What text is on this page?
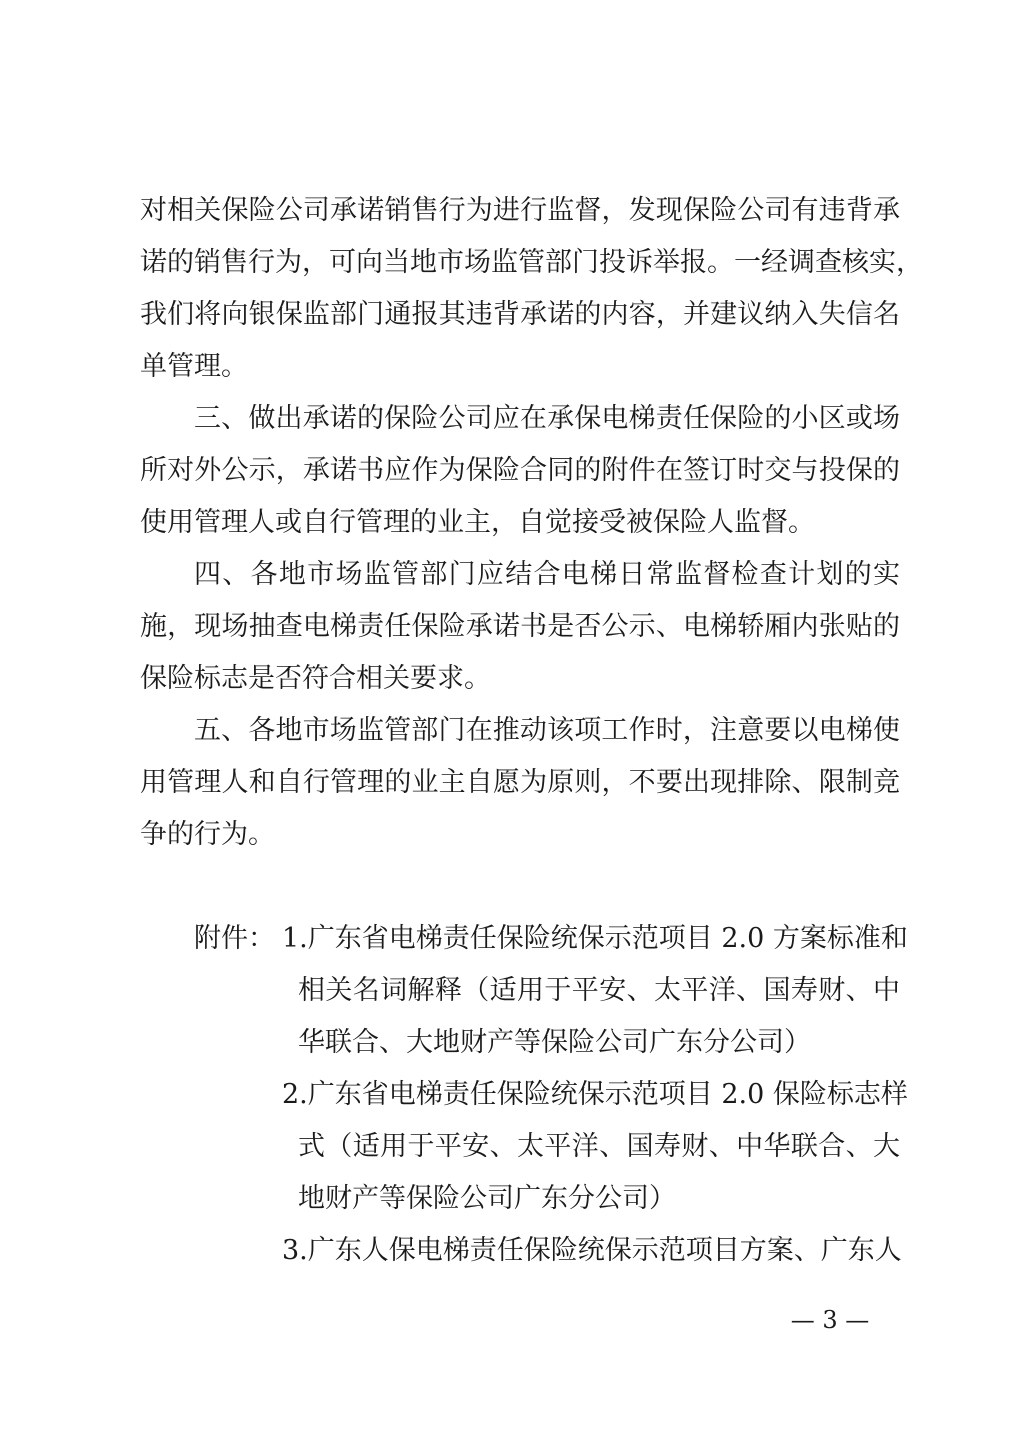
对相关保险公司承诺销售行为进行监督，发现保险公司有违背承
诺的销售行为，可向当地市场监管部门投诉举报。一经调查核实，
我们将向银保监部门通报其违背承诺的内容，并建议纳入失信名
单管理。
三、做出承诺的保险公司应在承保电梯责任保险的小区或场
所对外公示，承诺书应作为保险合同的附件在签订时交与投保的
使用管理人或自行管理的业主，自觉接受被保险人监督。
四、各地市场监管部门应结合电梯日常监督检查计划的实
施，现场抽查电梯责任保险承诺书是否公示、电梯轿厢内张贴的
保险标志是否符合相关要求。
五、各地市场监管部门在推动该项工作时，注意要以电梯使
用管理人和自行管理的业主自愿为原则，不要出现排除、限制竞
争的行为。
附件： 1.广东省电梯责任保险统保示范项目 2.0 方案标准和
相关名词解释（适用于平安、太平洋、国寿财、中
华联合、大地财产等保险公司广东分公司）
2.广东省电梯责任保险统保示范项目 2.0 保险标志样
式（适用于平安、太平洋、国寿财、中华联合、大
地财产等保险公司广东分公司）
3.广东人保电梯责任保险统保示范项目方案、广东人
— 3 —
